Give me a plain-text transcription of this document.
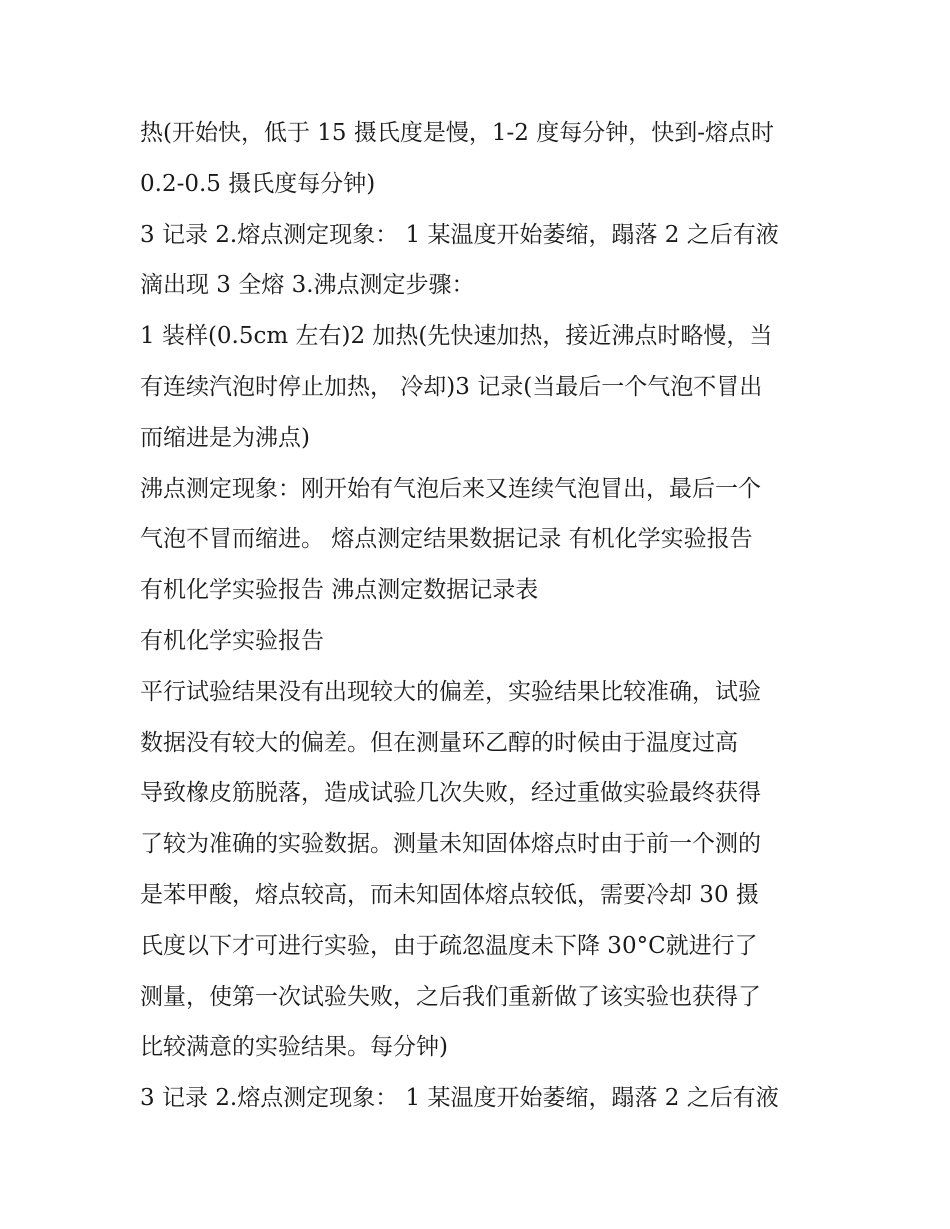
热(开始快，低于 15 摄氏度是慢，1-2 度每分钟，快到-熔点时
0.2-0.5 摄氏度每分钟)
3 记录 2.熔点测定现象： 1 某温度开始萎缩，蹋落 2 之后有液
滴出现 3 全熔 3.沸点测定步骤：
1 装样(0.5cm 左右)2 加热(先快速加热，接近沸点时略慢，当
有连续汽泡时停止加热， 冷却)3 记录(当最后一个气泡不冒出
而缩进是为沸点)
沸点测定现象：刚开始有气泡后来又连续气泡冒出，最后一个
气泡不冒而缩进。 熔点测定结果数据记录 有机化学实验报告
有机化学实验报告 沸点测定数据记录表
有机化学实验报告
平行试验结果没有出现较大的偏差，实验结果比较准确，试验
数据没有较大的偏差。但在测量环乙醇的时候由于温度过高
导致橡皮筋脱落，造成试验几次失败，经过重做实验最终获得
了较为准确的实验数据。测量未知固体熔点时由于前一个测的
是苯甲酸，熔点较高，而未知固体熔点较低，需要冷却 30 摄
氏度以下才可进行实验，由于疏忽温度未下降 30°C就进行了
测量，使第一次试验失败，之后我们重新做了该实验也获得了
比较满意的实验结果。每分钟)
3 记录 2.熔点测定现象： 1 某温度开始萎缩，蹋落 2 之后有液
